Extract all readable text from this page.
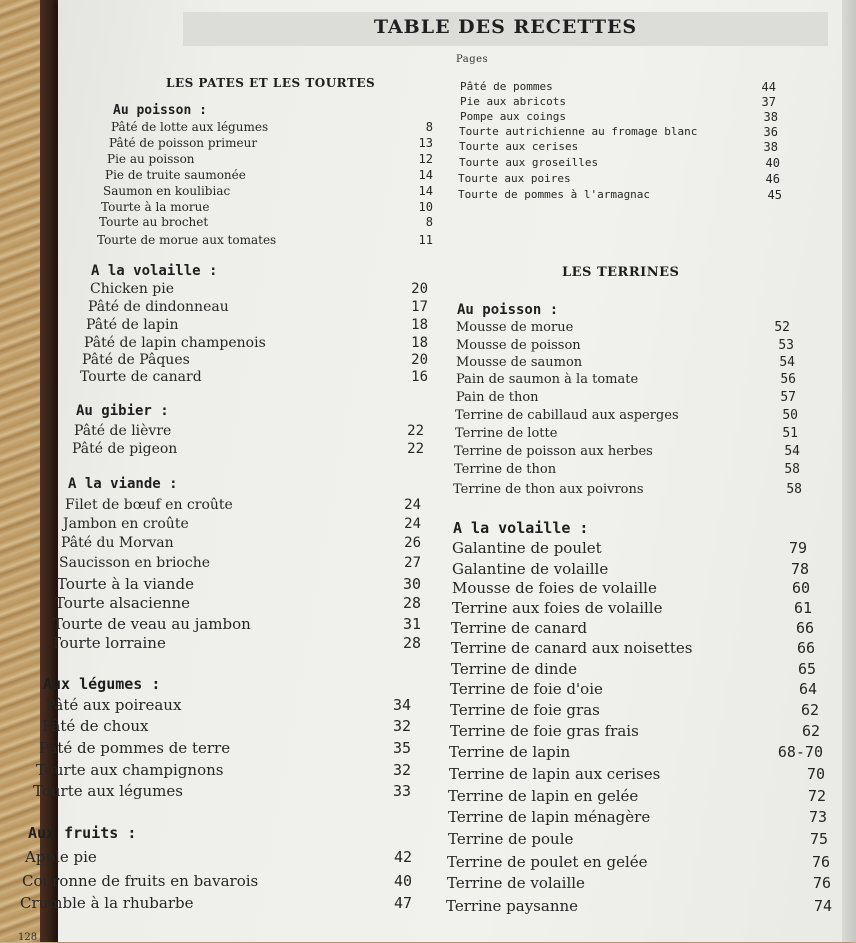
TABLE DES RECETTES
Pages
LES PATES ET LES TOURTES
LES TERRINES
Au poisson :
A la volaille :
Au gibier :
A la viande :
Aux légumes :
Aux fruits :
Au poisson :
A la volaille :
Pâté de lotte aux légumes	8
Pâté de poisson primeur	13
Pie au poisson	12
Pie de truite saumonée	14
Saumon en koulibiac	14
Tourte à la morue	10
Tourte au brochet	8
Tourte de morue aux tomates	11
Chicken pie	20
Pâté de dindonneau	17
Pâté de lapin	18
Pâté de lapin champenois	18
Pâté de Pâques	20
Tourte de canard	16
Pâté de lièvre	22
Pâté de pigeon	22
Filet de bœuf en croûte	24
Jambon en croûte	24
Pâté du Morvan	26
Saucisson en brioche	27
Tourte à la viande	30
Tourte alsacienne	28
Tourte de veau au jambon	31
Tourte lorraine	28
Pâté aux poireaux	34
Pâté de choux	32
Pâté de pommes de terre	35
Tourte aux champignons	32
Tourte aux légumes	33
Apple pie	42
Couronne de fruits en bavarois	40
Crumble à la rhubarbe	47
Pâté de pommes	44
Pie aux abricots	37
Pompe aux coings	38
Tourte autrichienne au fromage blanc	36
Tourte aux cerises	38
Tourte aux groseilles	40
Tourte aux poires	46
Tourte de pommes à l'armagnac	45
Mousse de morue	52
Mousse de poisson	53
Mousse de saumon	54
Pain de saumon à la tomate	56
Pain de thon	57
Terrine de cabillaud aux asperges	50
Terrine de lotte	51
Terrine de poisson aux herbes	54
Terrine de thon	58
Terrine de thon aux poivrons	58
Galantine de poulet	79
Galantine de volaille	78
Mousse de foies de volaille	60
Terrine aux foies de volaille	61
Terrine de canard	66
Terrine de canard aux noisettes	66
Terrine de dinde	65
Terrine de foie d'oie	64
Terrine de foie gras	62
Terrine de foie gras frais	62
Terrine de lapin	68-70
Terrine de lapin aux cerises	70
Terrine de lapin en gelée	72
Terrine de lapin ménagère	73
Terrine de poule	75
Terrine de poulet en gelée	76
Terrine de volaille	76
Terrine paysanne	74
128
